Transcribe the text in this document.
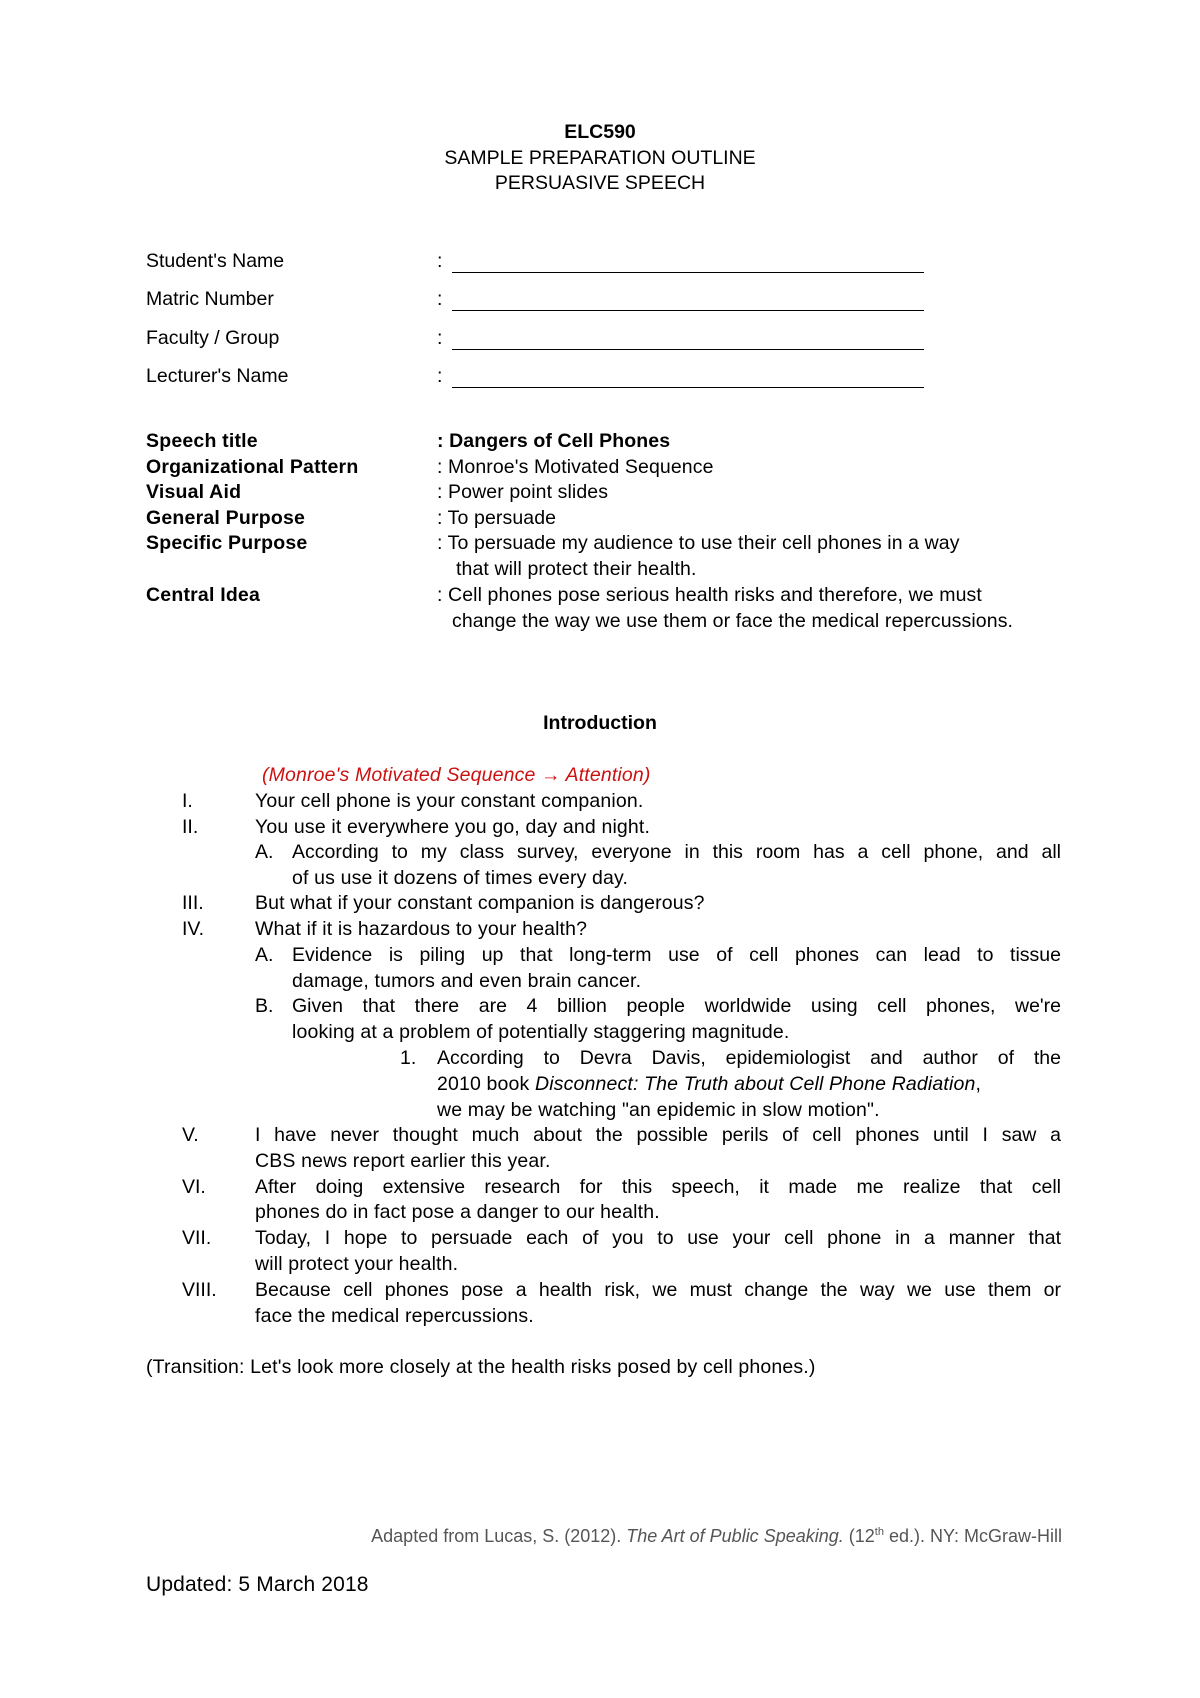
ELC590
SAMPLE PREPARATION OUTLINE
PERSUASIVE SPEECH
Student's Name	:
Matric Number	:
Faculty / Group	:
Lecturer's Name	:
Speech title	: Dangers of Cell Phones
Organizational Pattern	: Monroe's Motivated Sequence
Visual Aid	: Power point slides
General Purpose	: To persuade
Specific Purpose	: To persuade my audience to use their cell phones in a way
that will protect their health.
Central Idea	: Cell phones pose serious health risks and therefore, we must
change the way we use them or face the medical repercussions.
Introduction
(Monroe's Motivated Sequence → Attention)
I.	Your cell phone is your constant companion.
II.	You use it everywhere you go, day and night.
A. According to my class survey, everyone in this room has a cell phone, and all
of us use it dozens of times every day.
III.	But what if your constant companion is dangerous?
IV.	What if it is hazardous to your health?
A. Evidence is piling up that long-term use of cell phones can lead to tissue
damage, tumors and even brain cancer.
B. Given that there are 4 billion people worldwide using cell phones, we're
looking at a problem of potentially staggering magnitude.
1. According to Devra Davis, epidemiologist and author of the
2010 book Disconnect: The Truth about Cell Phone Radiation,
we may be watching "an epidemic in slow motion".
V.	I have never thought much about the possible perils of cell phones until I saw a
CBS news report earlier this year.
VI.	After doing extensive research for this speech, it made me realize that cell
phones do in fact pose a danger to our health.
VII. Today, I hope to persuade each of you to use your cell phone in a manner that
will protect your health.
VIII. Because cell phones pose a health risk, we must change the way we use them or
face the medical repercussions.
(Transition: Let's look more closely at the health risks posed by cell phones.)
Adapted from Lucas, S. (2012). The Art of Public Speaking. (12th ed.). NY: McGraw-Hill
Updated: 5 March 2018
